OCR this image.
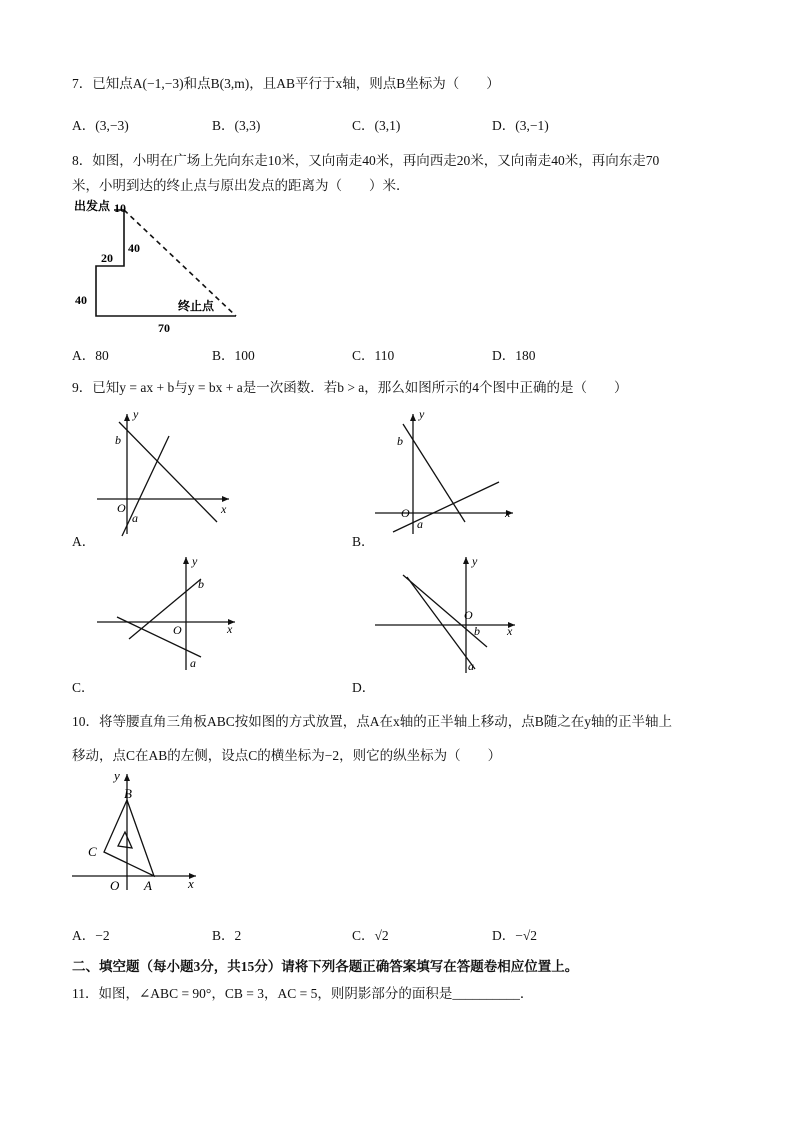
7．已知点A(−1,−3)和点B(3,m)，且AB平行于x轴，则点B坐标为（　　）
A．(3,−3)	B．(3,3)	C．(3,1)	D．(3,−1)
8．如图，小明在广场上先向东走10米，又向南走40米，再向西走20米，又向南走40米，再向东走70
米，小明到达的终止点与原出发点的距离为（　　）米．
出发点 10
40
20
40	终止点
70
A．80	B．100	C．110	D．180
9．已知y = ax + b与y = bx + a是一次函数．若b > a，那么如图所示的4个图中正确的是（　　）
y
x
O
b
a
A．
y
x
O
b
a
B．
y
x
O
b
a
C．
y
x
O
b
a
D．
10．将等腰直角三角板ABC按如图的方式放置，点A在x轴的正半轴上移动，点B随之在y轴的正半轴上
移动，点C在AB的左侧，设点C的横坐标为−2，则它的纵坐标为（　　）
y
B
C
O A	x
A．−2	B．2	C．√2	D．−√2
二、填空题（每小题3分，共15分）请将下列各题正确答案填写在答题卷相应位置上。
11．如图，∠ABC = 90°，CB = 3，AC = 5，则阴影部分的面积是__________．
